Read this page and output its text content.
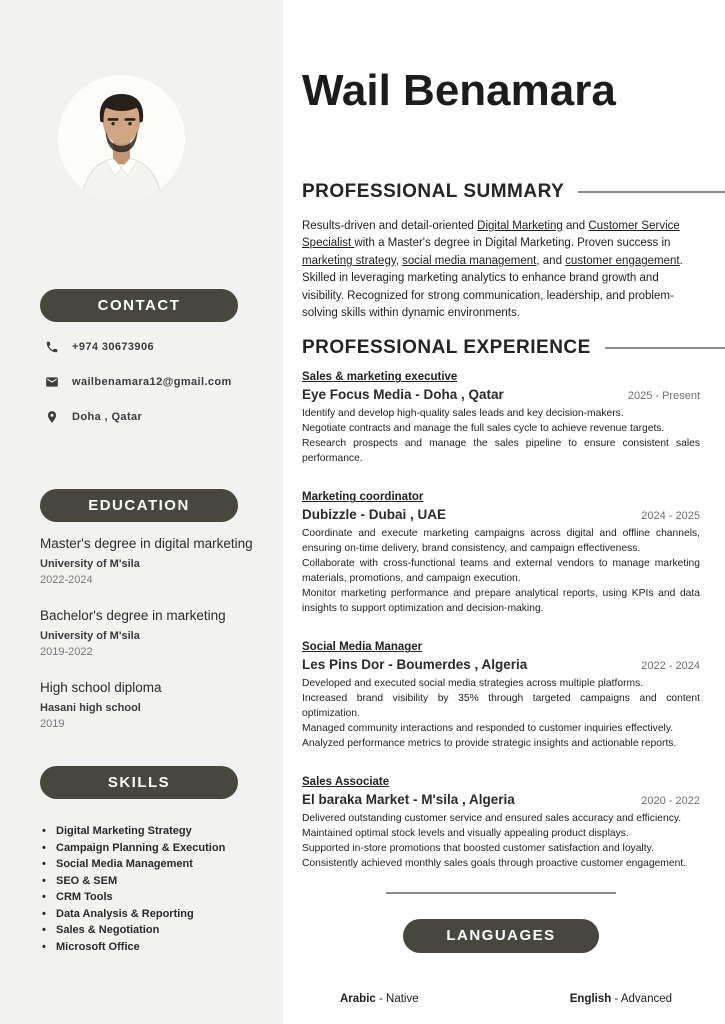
CONTACT
+974 30673906
wailbenamara12@gmail.com
Doha , Qatar
EDUCATION
Master's degree in digital marketing
University of M'sila
2022-2024
Bachelor's degree in marketing
University of M'sila
2019-2022
High school diploma
Hasani high school
2019
SKILLS
• Digital Marketing Strategy
• Campaign Planning & Execution
• Social Media Management
• SEO & SEM
• CRM Tools
• Data Analysis & Reporting
• Sales & Negotiation
• Microsoft Office
Wail Benamara
PROFESSIONAL SUMMARY

Results-driven and detail-oriented Digital Marketing and Customer Service Specialist with a Master's degree in Digital Marketing. Proven success in marketing strategy, social media management, and customer engagement. Skilled in leveraging marketing analytics to enhance brand growth and visibility. Recognized for strong communication, leadership, and problem-solving skills within dynamic environments.

PROFESSIONAL EXPERIENCE
Sales & marketing executive
Eye Focus Media - Doha , Qatar	2025 - Present
Identify and develop high-quality sales leads and key decision-makers.
Negotiate contracts and manage the full sales cycle to achieve revenue targets.
Research prospects and manage the sales pipeline to ensure consistent sales performance.
Marketing coordinator
Dubizzle - Dubai , UAE	2024 - 2025
Coordinate and execute marketing campaigns across digital and offline channels, ensuring on-time delivery, brand consistency, and campaign effectiveness.
Collaborate with cross-functional teams and external vendors to manage marketing materials, promotions, and campaign execution.
Monitor marketing performance and prepare analytical reports, using KPIs and data insights to support optimization and decision-making.
Social Media Manager
Les Pins Dor - Boumerdes , Algeria	2022 - 2024
Developed and executed social media strategies across multiple platforms.
Increased brand visibility by 35% through targeted campaigns and content optimization.
Managed community interactions and responded to customer inquiries effectively.
Analyzed performance metrics to provide strategic insights and actionable reports.
Sales Associate
El baraka Market - M'sila , Algeria	2020 - 2022
Delivered outstanding customer service and ensured sales accuracy and efficiency.
Maintained optimal stock levels and visually appealing product displays.
Supported in-store promotions that boosted customer satisfaction and loyalty.
Consistently achieved monthly sales goals through proactive customer engagement.
LANGUAGES
Arabic - Native	English - Advanced
